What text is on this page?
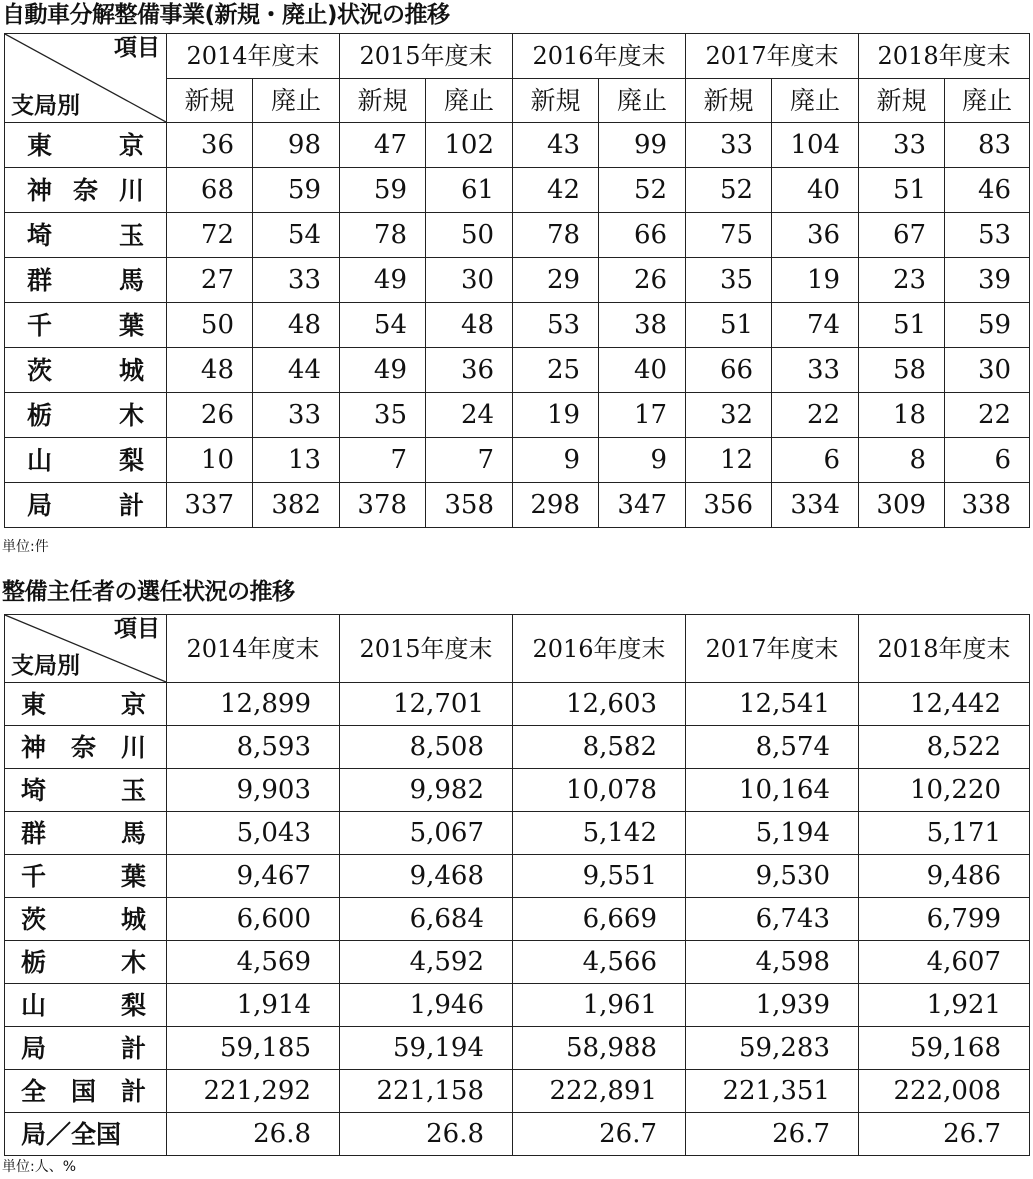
自動車分解整備事業(新規・廃止)状況の推移
項目
支局別	2014年度末		2015年度末		2016年度末		2017年度末		2018年度末	
	新規	廃止	新規	廃止	新規	廃止	新規	廃止	新規	廃止

東 京	36	98	47	102	43	99	33	104	33	83

神 奈 川	68	59	59	61	42	52	52	40	51	46

埼 玉	72	54	78	50	78	66	75	36	67	53

群 馬	27	33	49	30	29	26	35	19	23	39

千 葉	50	48	54	48	53	38	51	74	51	59

茨 城	48	44	49	36	25	40	66	33	58	30

栃 木	26	33	35	24	19	17	32	22	18	22

山 梨	10	13	7	7	9	9	12	6	8	6

局 計	337	382	378	358	298	347	356	334	309	338
単位:件
整備主任者の選任状況の推移
項目
支局別	2014年度末	2015年度末	2016年度末	2017年度末	2018年度末

東 京	12,899	12,701	12,603	12,541	12,442

神 奈 川	8,593	8,508	8,582	8,574	8,522

埼 玉	9,903	9,982	10,078	10,164	10,220

群 馬	5,043	5,067	5,142	5,194	5,171

千 葉	9,467	9,468	9,551	9,530	9,486

茨 城	6,600	6,684	6,669	6,743	6,799

栃 木	4,569	4,592	4,566	4,598	4,607

山 梨	1,914	1,946	1,961	1,939	1,921

局 計	59,185	59,194	58,988	59,283	59,168

全 国 計	221,292	221,158	222,891	221,351	222,008

局／全国	26.8	26.8	26.7	26.7	26.7
単位:人、%
